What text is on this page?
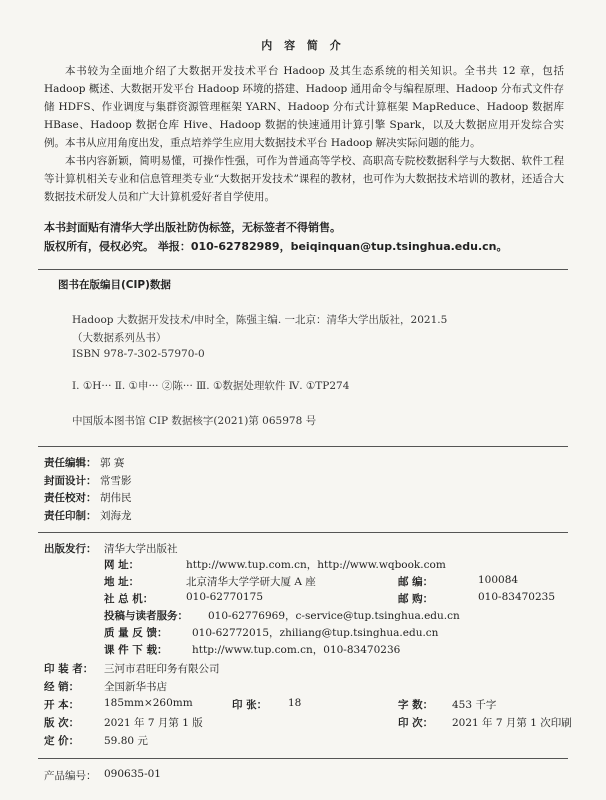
内 容 简 介
本书较为全面地介绍了大数据开发技术平台 Hadoop 及其生态系统的相关知识。全书共 12 章，包括 Hadoop 概述、大数据开发平台 Hadoop 环境的搭建、Hadoop 通用命令与编程原理、Hadoop 分布式文件存储 HDFS、作业调度与集群资源管理框架 YARN、Hadoop 分布式计算框架 MapReduce、Hadoop 数据库 HBase、Hadoop 数据仓库 Hive、Hadoop 数据的快速通用计算引擎 Spark，以及大数据应用开发综合实例。本书从应用角度出发，重点培养学生应用大数据技术平台 Hadoop 解决实际问题的能力。
本书内容新颖，简明易懂，可操作性强，可作为普通高等学校、高职高专院校数据科学与大数据、软件工程等计算机相关专业和信息管理类专业“大数据开发技术”课程的教材，也可作为大数据技术培训的教材，还适合大数据技术研发人员和广大计算机爱好者自学使用。
本书封面贴有清华大学出版社防伪标签，无标签者不得销售。
版权所有，侵权必究。 举报：010-62782989，beiqinquan@tup.tsinghua.edu.cn。
图书在版编目(CIP)数据
Hadoop 大数据开发技术/申时全，陈强主编. 一北京：清华大学出版社，2021.5
（大数据系列丛书）
ISBN 978-7-302-57970-0
Ⅰ. ①H··· Ⅱ. ①申··· ②陈··· Ⅲ. ①数据处理软件 Ⅳ. ①TP274
中国版本图书馆 CIP 数据核字(2021)第 065978 号
责任编辑： 郭 赛
封面设计： 常雪影
责任校对： 胡伟民
责任印制： 刘海龙
出版发行： 清华大学出版社
网 址：	http://www.tup.com.cn，http://www.wqbook.com
地 址：	北京清华大学学研大厦 A 座	邮 编：	100084
社 总 机：	010-62770175	邮 购：	010-83470235
投稿与读者服务： 010-62776969，c-service@tup.tsinghua.edu.cn
质 量 反 馈： 010-62772015，zhiliang@tup.tsinghua.edu.cn
课 件 下 载： http://www.tup.com.cn，010-83470236
印 装 者： 三河市君旺印务有限公司
经 销： 全国新华书店
开 本： 185mm×260mm	印 张： 18	字 数： 453 千字
版 次： 2021 年 7 月第 1 版	印 次： 2021 年 7 月第 1 次印刷
定 价： 59.80 元
产品编号： 090635-01
